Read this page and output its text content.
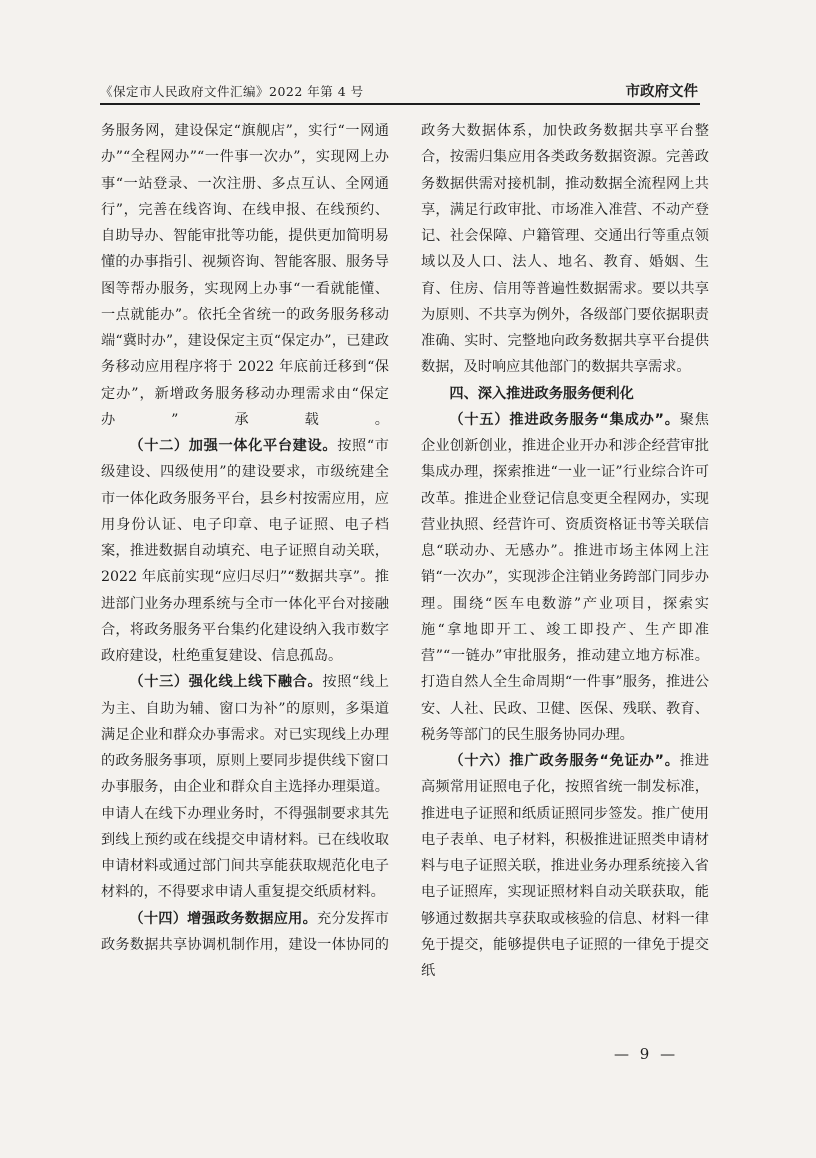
《保定市人民政府文件汇编》2022 年第 4 号	市政府文件

务服务网，建设保定“旗舰店”，实行“一网通办”“全程网办”“一件事一次办”，实现网上办事“一站登录、一次注册、多点互认、全网通行”，完善在线咨询、在线申报、在线预约、自助导办、智能审批等功能，提供更加简明易懂的办事指引、视频咨询、智能客服、服务导图等帮办服务，实现网上办事“一看就能懂、一点就能办”。依托全省统一的政务服务移动端“冀时办”，建设保定主页“保定办”，已建政务移动应用程序将于 2022 年底前迁移到“保定办”，新增政务服务移动办理需求由“保定办”承载。

（十二）加强一体化平台建设。按照“市级建设、四级使用”的建设要求，市级统建全市一体化政务服务平台，县乡村按需应用，应用身份认证、电子印章、电子证照、电子档案，推进数据自动填充、电子证照自动关联，2022 年底前实现“应归尽归”“数据共享”。推进部门业务办理系统与全市一体化平台对接融合，将政务服务平台集约化建设纳入我市数字政府建设，杜绝重复建设、信息孤岛。

（十三）强化线上线下融合。按照“线上为主、自助为辅、窗口为补”的原则，多渠道满足企业和群众办事需求。对已实现线上办理的政务服务事项，原则上要同步提供线下窗口办事服务，由企业和群众自主选择办理渠道。申请人在线下办理业务时，不得强制要求其先到线上预约或在线提交申请材料。已在线收取申请材料或通过部门间共享能获取规范化电子材料的，不得要求申请人重复提交纸质材料。

（十四）增强政务数据应用。充分发挥市政务数据共享协调机制作用，建设一体协同的

政务大数据体系，加快政务数据共享平台整合，按需归集应用各类政务数据资源。完善政务数据供需对接机制，推动数据全流程网上共享，满足行政审批、市场准入准营、不动产登记、社会保障、户籍管理、交通出行等重点领域以及人口、法人、地名、教育、婚姻、生育、住房、信用等普遍性数据需求。要以共享为原则、不共享为例外，各级部门要依据职责准确、实时、完整地向政务数据共享平台提供数据，及时响应其他部门的数据共享需求。

四、深入推进政务服务便利化

（十五）推进政务服务“集成办”。聚焦企业创新创业，推进企业开办和涉企经营审批集成办理，探索推进“一业一证”行业综合许可改革。推进企业登记信息变更全程网办，实现营业执照、经营许可、资质资格证书等关联信息“联动办、无感办”。推进市场主体网上注销“一次办”，实现涉企注销业务跨部门同步办理。围绕“医车电数游”产业项目，探索实施“拿地即开工、竣工即投产、生产即准营”“一链办”审批服务，推动建立地方标准。打造自然人全生命周期“一件事”服务，推进公安、人社、民政、卫健、医保、残联、教育、税务等部门的民生服务协同办理。

（十六）推广政务服务“免证办”。推进高频常用证照电子化，按照省统一制发标准，推进电子证照和纸质证照同步签发。推广使用电子表单、电子材料，积极推进证照类申请材料与电子证照关联，推进业务办理系统接入省电子证照库，实现证照材料自动关联获取，能够通过数据共享获取或核验的信息、材料一律免于提交，能够提供电子证照的一律免于提交纸

— 9 —
